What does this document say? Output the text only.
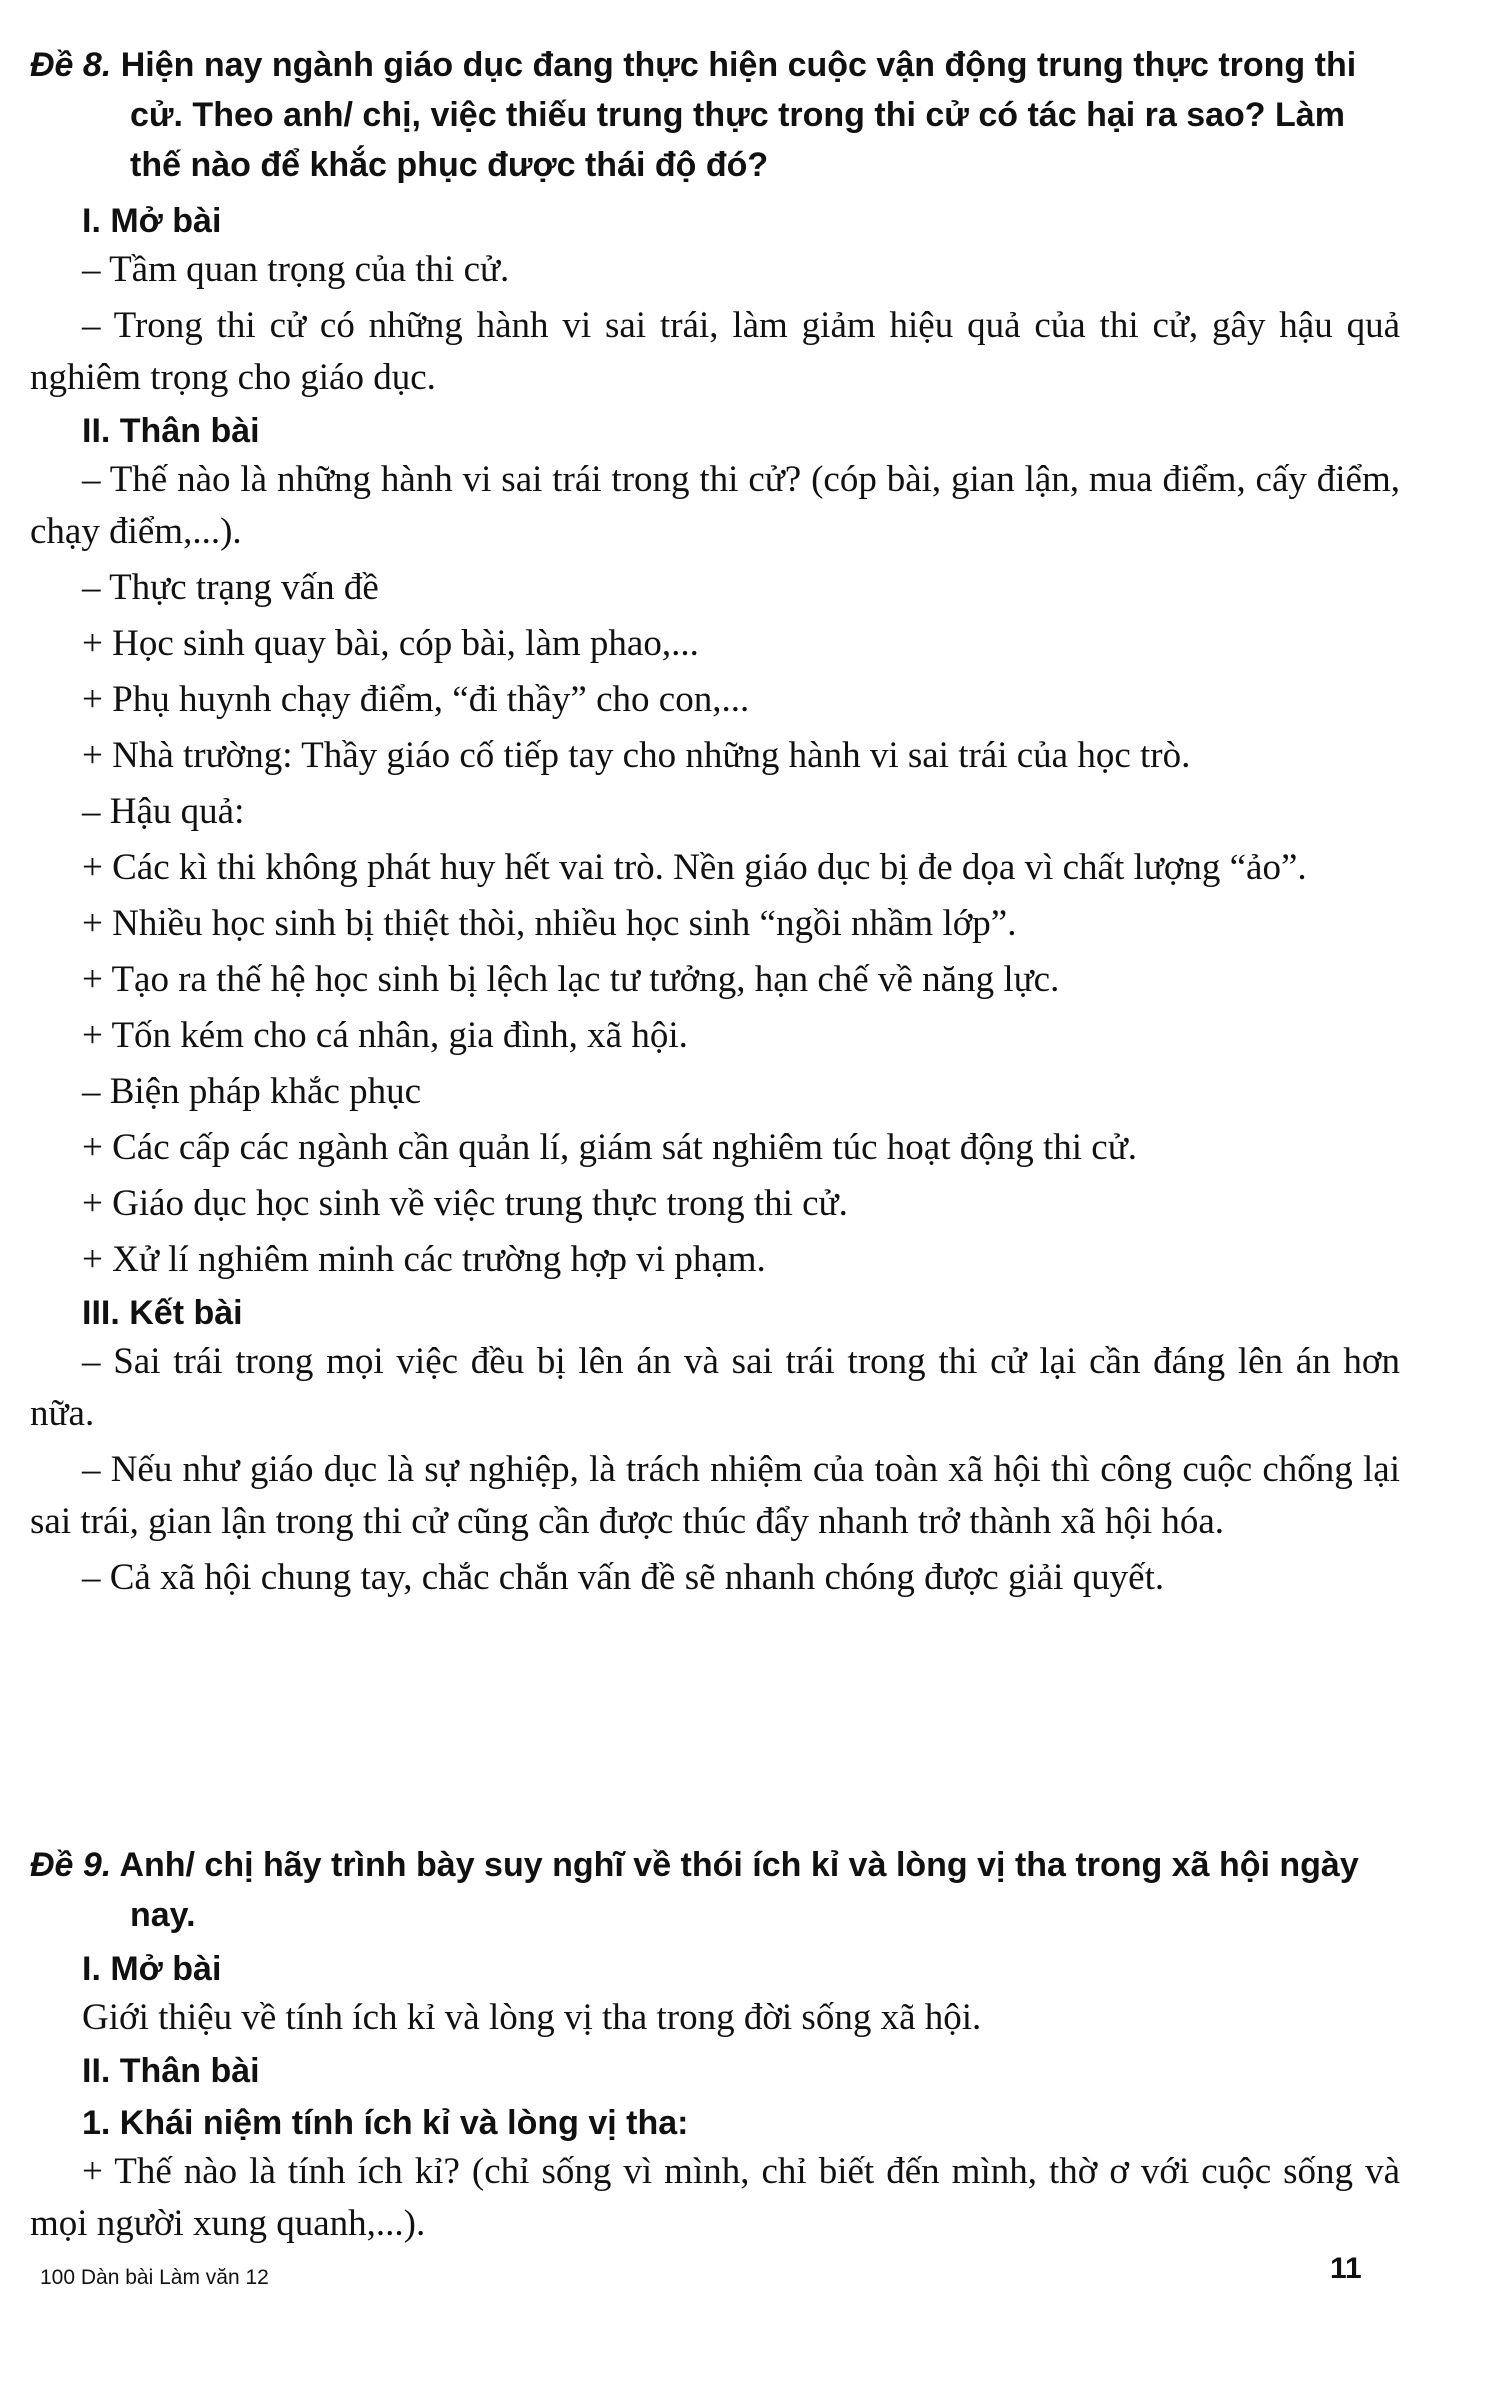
Đề 8. Hiện nay ngành giáo dục đang thực hiện cuộc vận động trung thực trong thi cử. Theo anh/ chị, việc thiếu trung thực trong thi cử có tác hại ra sao? Làm thế nào để khắc phục được thái độ đó?
I. Mở bài

– Tầm quan trọng của thi cử.

– Trong thi cử có những hành vi sai trái, làm giảm hiệu quả của thi cử, gây hậu quả nghiêm trọng cho giáo dục.

II. Thân bài

– Thế nào là những hành vi sai trái trong thi cử? (cóp bài, gian lận, mua điểm, cấy điểm, chạy điểm,...).

– Thực trạng vấn đề

+ Học sinh quay bài, cóp bài, làm phao,...

+ Phụ huynh chạy điểm, “đi thầy” cho con,...

+ Nhà trường: Thầy giáo cố tiếp tay cho những hành vi sai trái của học trò.

– Hậu quả:

+ Các kì thi không phát huy hết vai trò. Nền giáo dục bị đe dọa vì chất lượng “ảo”.

+ Nhiều học sinh bị thiệt thòi, nhiều học sinh “ngồi nhầm lớp”.

+ Tạo ra thế hệ học sinh bị lệch lạc tư tưởng, hạn chế về năng lực.

+ Tốn kém cho cá nhân, gia đình, xã hội.

– Biện pháp khắc phục

+ Các cấp các ngành cần quản lí, giám sát nghiêm túc hoạt động thi cử.

+ Giáo dục học sinh về việc trung thực trong thi cử.

+ Xử lí nghiêm minh các trường hợp vi phạm.

III. Kết bài

– Sai trái trong mọi việc đều bị lên án và sai trái trong thi cử lại cần đáng lên án hơn nữa.

– Nếu như giáo dục là sự nghiệp, là trách nhiệm của toàn xã hội thì công cuộc chống lại sai trái, gian lận trong thi cử cũng cần được thúc đẩy nhanh trở thành xã hội hóa.

– Cả xã hội chung tay, chắc chắn vấn đề sẽ nhanh chóng được giải quyết.

Đề 9. Anh/ chị hãy trình bày suy nghĩ về thói ích kỉ và lòng vị tha trong xã hội ngày nay.
I. Mở bài

Giới thiệu về tính ích kỉ và lòng vị tha trong đời sống xã hội.

II. Thân bài
1. Khái niệm tính ích kỉ và lòng vị tha:

+ Thế nào là tính ích kỉ? (chỉ sống vì mình, chỉ biết đến mình, thờ ơ với cuộc sống và mọi người xung quanh,...).

100 Dàn bài Làm văn 12	11
